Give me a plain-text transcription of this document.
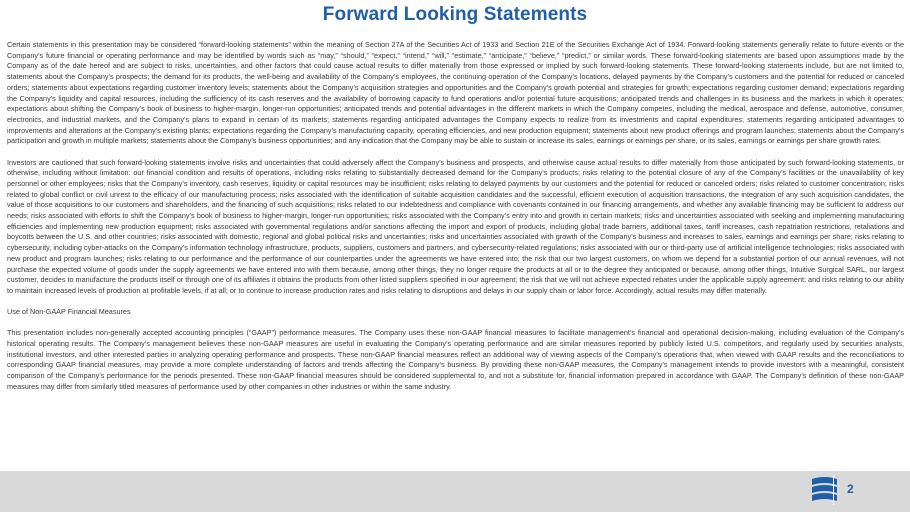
Forward Looking Statements

Certain statements in this presentation may be considered “forward-looking statements” within the meaning of Section 27A of the Securities Act of 1933 and Section 21E of the Securities Exchange Act of 1934. Forward-looking statements generally relate to future events or the Company’s future financial or operating performance and may be identified by words such as “may,” “should,” “expect,” “intend,” “will,” “estimate,” “anticipate,” “believe,” “predict,” or similar words. These forward-looking statements are based upon assumptions made by the Company as of the date hereof and are subject to risks, uncertainties, and other factors that could cause actual results to differ materially from those expressed or implied by such forward-looking statements. These forward-looking statements include, but are not limited to, statements about the Company’s prospects; the demand for its products, the well-being and availability of the Company’s employees, the continuing operation of the Company’s locations, delayed payments by the Company’s customers and the potential for reduced or canceled orders; statements about expectations regarding customer inventory levels; statements about the Company’s acquisition strategies and opportunities and the Company’s growth potential and strategies for growth; expectations regarding customer demand; expectations regarding the Company’s liquidity and capital resources, including the sufficiency of its cash reserves and the availability of borrowing capacity to fund operations and/or potential future acquisitions; anticipated trends and challenges in its business and the markets in which it operates; expectations about shifting the Company’s book of business to higher-margin, longer-run opportunities; anticipated trends and potential advantages in the different markets in which the Company competes, including the medical, aerospace and defense, automotive, consumer, electronics, and industrial markets, and the Company’s plans to expand in certain of its markets; statements regarding anticipated advantages the Company expects to realize from its investments and capital expenditures; statements regarding anticipated advantages to improvements and alterations at the Company’s existing plants; expectations regarding the Company’s manufacturing capacity, operating efficiencies, and new production equipment; statements about new product offerings and program launches; statements about the Company’s participation and growth in multiple markets; statements about the Company’s business opportunities; and any indication that the Company may be able to sustain or increase its sales, earnings or earnings per share, or its sales, earnings or earnings per share growth rates.

Investors are cautioned that such forward-looking statements involve risks and uncertainties that could adversely affect the Company’s business and prospects, and otherwise cause actual results to differ materially from those anticipated by such forward-looking statements, or otherwise, including without limitation: our financial condition and results of operations, including risks relating to substantially decreased demand for the Company’s products; risks relating to the potential closure of any of the Company’s facilities or the unavailability of key personnel or other employees; risks that the Company’s inventory, cash reserves, liquidity or capital resources may be insufficient; risks relating to delayed payments by our customers and the potential for reduced or canceled orders; risks related to customer concentration; risks related to global conflict or civil unrest to the efficacy of our manufacturing process; risks associated with the identification of suitable acquisition candidates and the successful, efficient execution of acquisition transactions, the integration of any such acquisition candidates, the value of those acquisitions to our customers and shareholders, and the financing of such acquisitions; risks related to our indebtedness and compliance with covenants contained in our financing arrangements, and whether any available financing may be sufficient to address our needs; risks associated with efforts to shift the Company’s book of business to higher-margin, longer-run opportunities; risks associated with the Company’s entry into and growth in certain markets; risks and uncertainties associated with seeking and implementing manufacturing efficiencies and implementing new production equipment; risks associated with governmental regulations and/or sanctions affecting the import and export of products, including global trade barriers, additional taxes, tariff increases, cash repatriation restrictions, retaliations and boycotts between the U.S. and other countries; risks associated with domestic, regional and global political risks and uncertainties; risks and uncertainties associated with growth of the Company’s business and increases to sales, earnings and earnings per share; risks relating to cybersecurity, including cyber-attacks on the Company’s information technology infrastructure, products, suppliers, customers and partners, and cybersecurity-related regulations; risks associated with our or third-party use of artificial intelligence technologies; risks associated with new product and program launches; risks relating to our performance and the performance of our counterparties under the agreements we have entered into; the risk that our two largest customers, on whom we depend for a substantial portion of our annual revenues, will not purchase the expected volume of goods under the supply agreements we have entered into with them because, among other things, they no longer require the products at all or to the degree they anticipated or because, among other things, Intuitive Surgical SARL, our largest customer, decides to manufacture the products itself or through one of its affiliates it obtains the products from other listed suppliers specified in our agreement; the risk that we will not achieve expected rebates under the applicable supply agreement; and risks relating to our ability to maintain increased levels of production at profitable levels, if at all; or to continue to increase production rates and risks relating to disruptions and delays in our supply chain or labor force. Accordingly, actual results may differ materially.

Use of Non-GAAP Financial Measures

This presentation includes non-generally accepted accounting principles (“GAAP”) performance measures. The Company uses these non-GAAP financial measures to facilitate management’s financial and operational decision-making, including evaluation of the Company’s historical operating results. The Company’s management believes these non-GAAP measures are useful in evaluating the Company’s operating performance and are similar measures reported by publicly listed U.S. competitors, and regularly used by securities analysts, institutional investors, and other interested parties in analyzing operating performance and prospects. These non-GAAP financial measures reflect an additional way of viewing aspects of the Company’s operations that, when viewed with GAAP results and the reconciliations to corresponding GAAP financial measures, may provide a more complete understanding of factors and trends affecting the Company’s business. By providing these non-GAAP measures, the Company’s management intends to provide investors with a meaningful, consistent comparison of the Company’s performance for the periods presented. These non-GAAP financial measures should be considered supplemental to, and not a substitute for, financial information prepared in accordance with GAAP. The Company’s definition of these non-GAAP measures may differ from similarly titled measures of performance used by other companies in other industries or within the same industry.

2
